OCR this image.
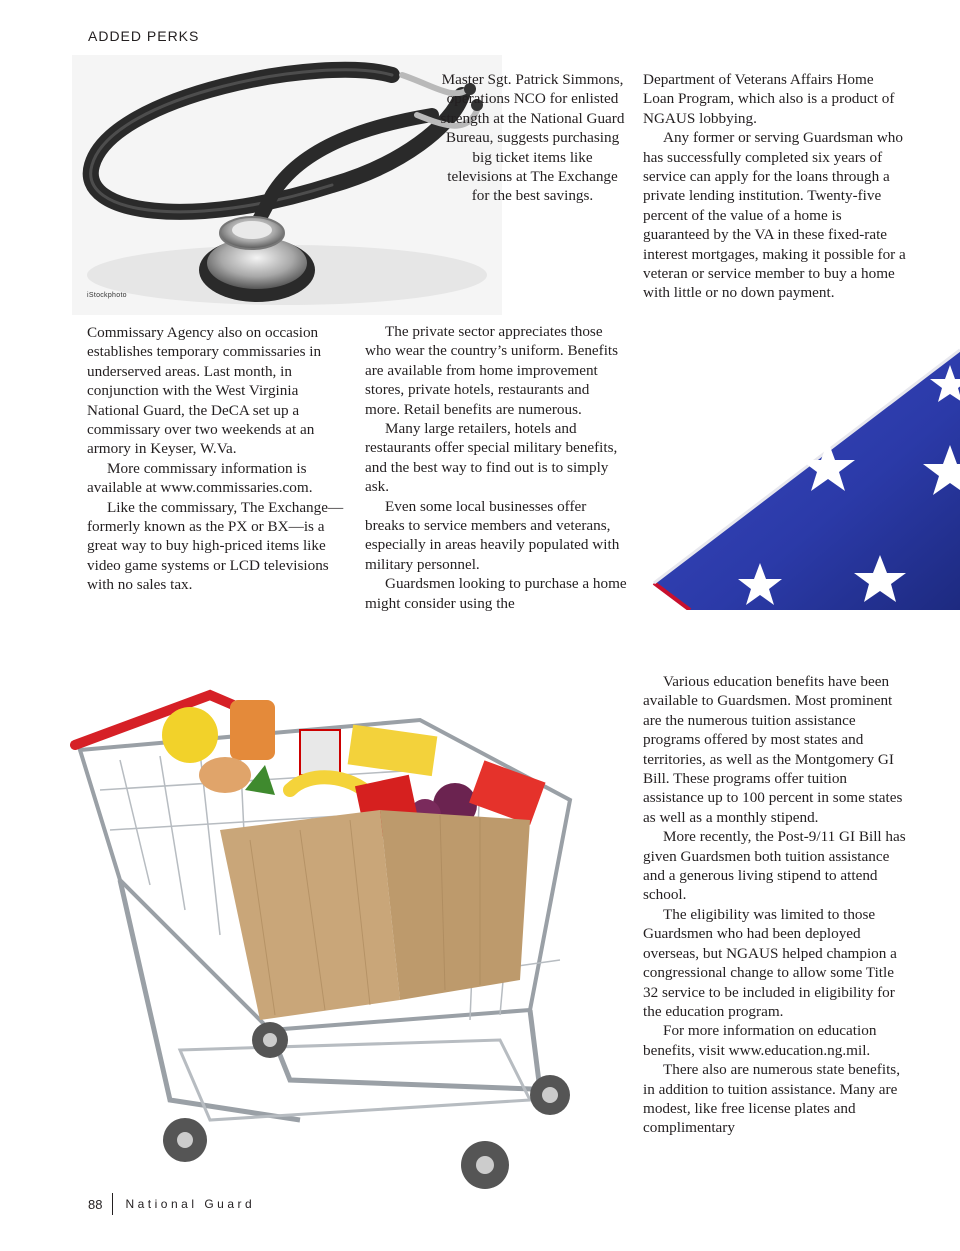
ADDED PERKS
iStockphoto

Master Sgt. Patrick Simmons, operations NCO for enlisted strength at the National Guard Bureau, suggests purchasing big ticket items like televisions at The Exchange for the best savings.

Commissary Agency also on occasion establishes temporary commissaries in underserved areas. Last month, in conjunction with the West Virginia National Guard, the DeCA set up a commissary over two weekends at an armory in Keyser, W.Va.

More commissary information is available at www.commissaries.com.

Like the commissary, The Exchange—formerly known as the PX or BX—is a great way to buy high-priced items like video game systems or LCD televisions with no sales tax.

The private sector appreciates those who wear the country’s uniform. Benefits are available from home improvement stores, private hotels, restaurants and more. Retail benefits are numerous.

Many large retailers, hotels and restaurants offer special military benefits, and the best way to find out is to simply ask.

Even some local businesses offer breaks to service members and veterans, especially in areas heavily populated with military personnel.

Guardsmen looking to purchase a home might consider using the

Department of Veterans Affairs Home Loan Program, which also is a product of NGAUS lobbying.

Any former or serving Guardsman who has successfully completed six years of service can apply for the loans through a private lending institution. Twenty-five percent of the value of a home is guaranteed by the VA in these fixed-rate interest mortgages, making it possible for a veteran or service member to buy a home with little or no down payment.

Various education benefits have been available to Guardsmen. Most prominent are the numerous tuition assistance programs offered by most states and territories, as well as the Montgomery GI Bill. These programs offer tuition assistance up to 100 percent in some states as well as a monthly stipend.

More recently, the Post-9/11 GI Bill has given Guardsmen both tuition assistance and a generous living stipend to attend school.

The eligibility was limited to those Guardsmen who had been deployed overseas, but NGAUS helped champion a congressional change to allow some Title 32 service to be included in eligibility for the education program.

For more information on education benefits, visit www.education.ng.mil.

There also are numerous state benefits, in addition to tuition assistance. Many are modest, like free license plates and complimentary

88 National Guard
